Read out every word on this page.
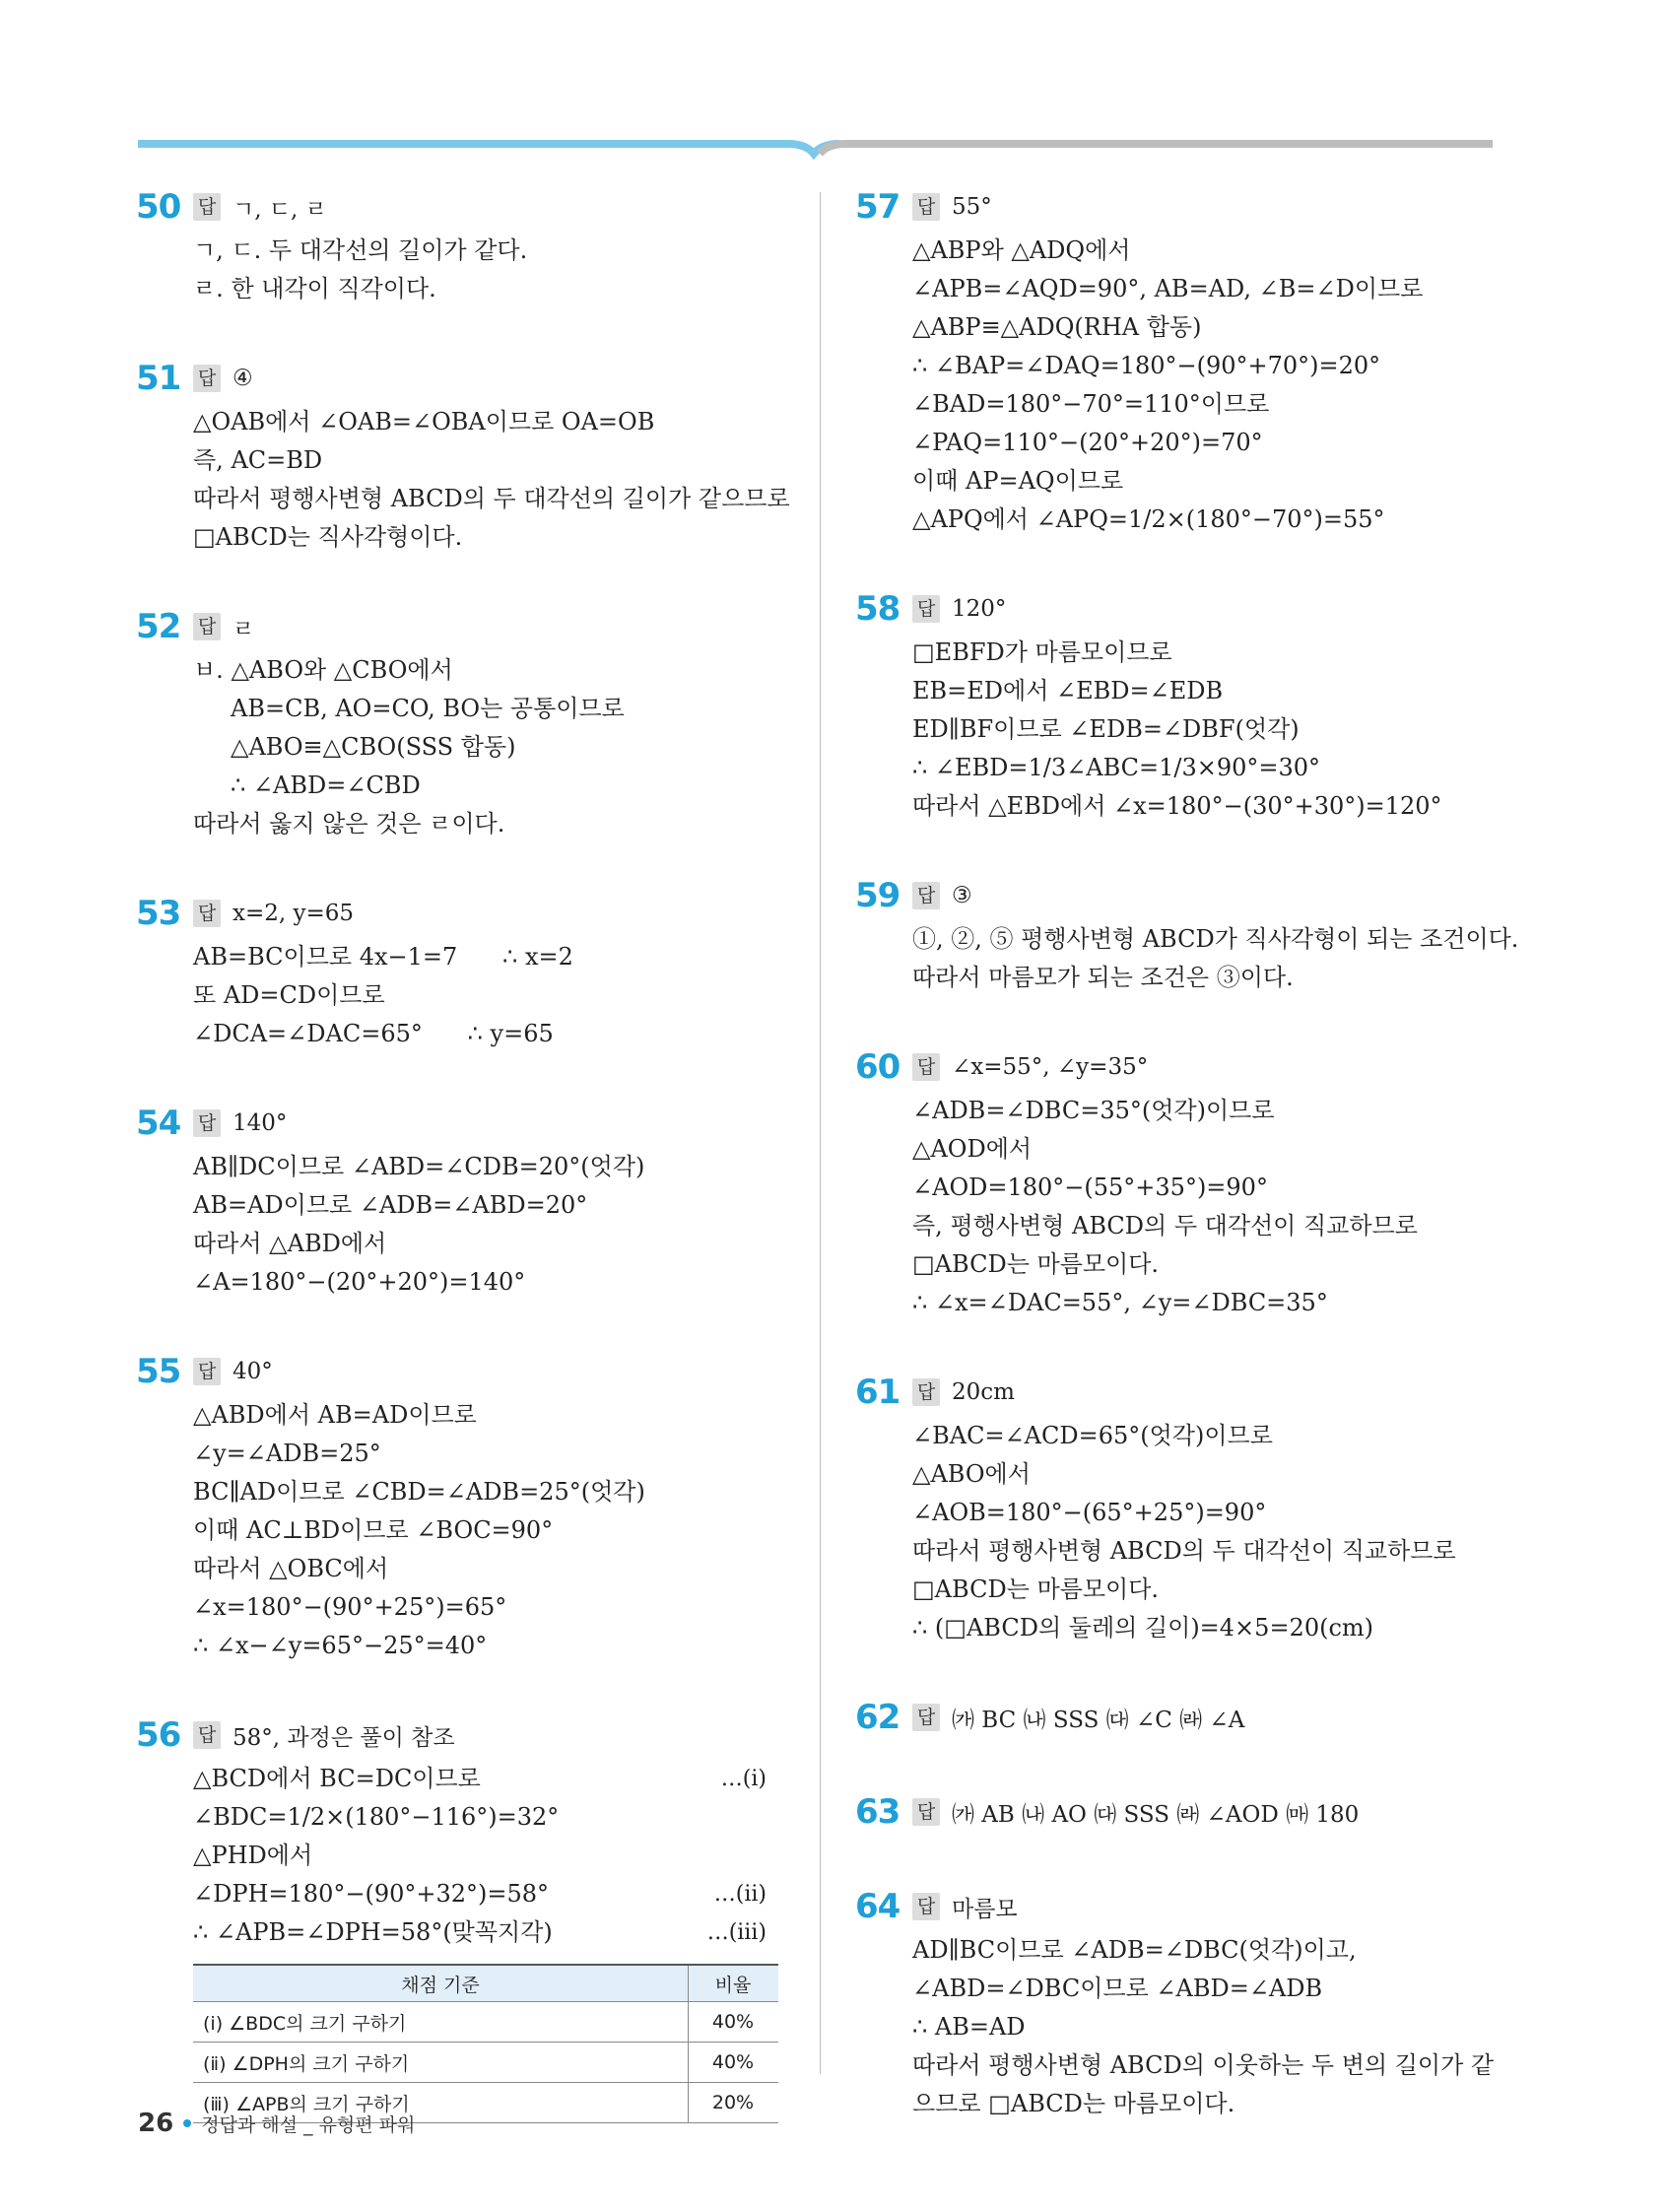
50 답 ㄱ, ㄷ, ㄹ
ㄱ, ㄷ. 두 대각선의 길이가 같다.
ㄹ. 한 내각이 직각이다.
51 답 ④
△OAB에서 ∠OAB=∠OBA이므로 OA=OB
즉, AC=BD
따라서 평행사변형 ABCD의 두 대각선의 길이가 같으므로
□ABCD는 직사각형이다.
52 답 ㄹ
ㅂ. △ABO와 △CBO에서
AB=CB, AO=CO, BO는 공통이므로
△ABO≡△CBO(SSS 합동)
∴ ∠ABD=∠CBD
따라서 옳지 않은 것은 ㄹ이다.
53 답 x=2, y=65
AB=BC이므로 4x−1=7      ∴ x=2
또 AD=CD이므로
∠DCA=∠DAC=65°      ∴ y=65
54 답 140°
AB∥DC이므로 ∠ABD=∠CDB=20°(엇각)
AB=AD이므로 ∠ADB=∠ABD=20°
따라서 △ABD에서
∠A=180°−(20°+20°)=140°
55 답 40°
△ABD에서 AB=AD이므로
∠y=∠ADB=25°
BC∥AD이므로 ∠CBD=∠ADB=25°(엇각)
이때 AC⊥BD이므로 ∠BOC=90°
따라서 △OBC에서
∠x=180°−(90°+25°)=65°
∴ ∠x−∠y=65°−25°=40°
56 답 58°, 과정은 풀이 참조
△BCD에서 BC=DC이므로	…(ⅰ)
∠BDC=1/2×(180°−116°)=32°
△PHD에서
∠DPH=180°−(90°+32°)=58°	…(ⅱ)
∴ ∠APB=∠DPH=58°(맞꼭지각)	…(ⅲ)
채점 기준	비율
(ⅰ) ∠BDC의 크기 구하기	40%
(ⅱ) ∠DPH의 크기 구하기	40%
(ⅲ) ∠APB의 크기 구하기	20%
57 답 55°
△ABP와 △ADQ에서
∠APB=∠AQD=90°, AB=AD, ∠B=∠D이므로
△ABP≡△ADQ(RHA 합동)
∴ ∠BAP=∠DAQ=180°−(90°+70°)=20°
∠BAD=180°−70°=110°이므로
∠PAQ=110°−(20°+20°)=70°
이때 AP=AQ이므로
△APQ에서 ∠APQ=1/2×(180°−70°)=55°
58 답 120°
□EBFD가 마름모이므로
EB=ED에서 ∠EBD=∠EDB
ED∥BF이므로 ∠EDB=∠DBF(엇각)
∴ ∠EBD=1/3∠ABC=1/3×90°=30°
따라서 △EBD에서 ∠x=180°−(30°+30°)=120°
59 답 ③
①, ②, ⑤ 평행사변형 ABCD가 직사각형이 되는 조건이다.
따라서 마름모가 되는 조건은 ③이다.
60 답 ∠x=55°, ∠y=35°
∠ADB=∠DBC=35°(엇각)이므로
△AOD에서
∠AOD=180°−(55°+35°)=90°
즉, 평행사변형 ABCD의 두 대각선이 직교하므로
□ABCD는 마름모이다.
∴ ∠x=∠DAC=55°, ∠y=∠DBC=35°
61 답 20cm
∠BAC=∠ACD=65°(엇각)이므로
△ABO에서
∠AOB=180°−(65°+25°)=90°
따라서 평행사변형 ABCD의 두 대각선이 직교하므로
□ABCD는 마름모이다.
∴ (□ABCD의 둘레의 길이)=4×5=20(cm)
62 답 ㈎ BC ㈏ SSS ㈐ ∠C ㈑ ∠A
63 답 ㈎ AB ㈏ AO ㈐ SSS ㈑ ∠AOD ㈒ 180
64 답 마름모
AD∥BC이므로 ∠ADB=∠DBC(엇각)이고,
∠ABD=∠DBC이므로 ∠ABD=∠ADB
∴ AB=AD
따라서 평행사변형 ABCD의 이웃하는 두 변의 길이가 같
으므로 □ABCD는 마름모이다.
26 정답과 해설 _ 유형편 파워
